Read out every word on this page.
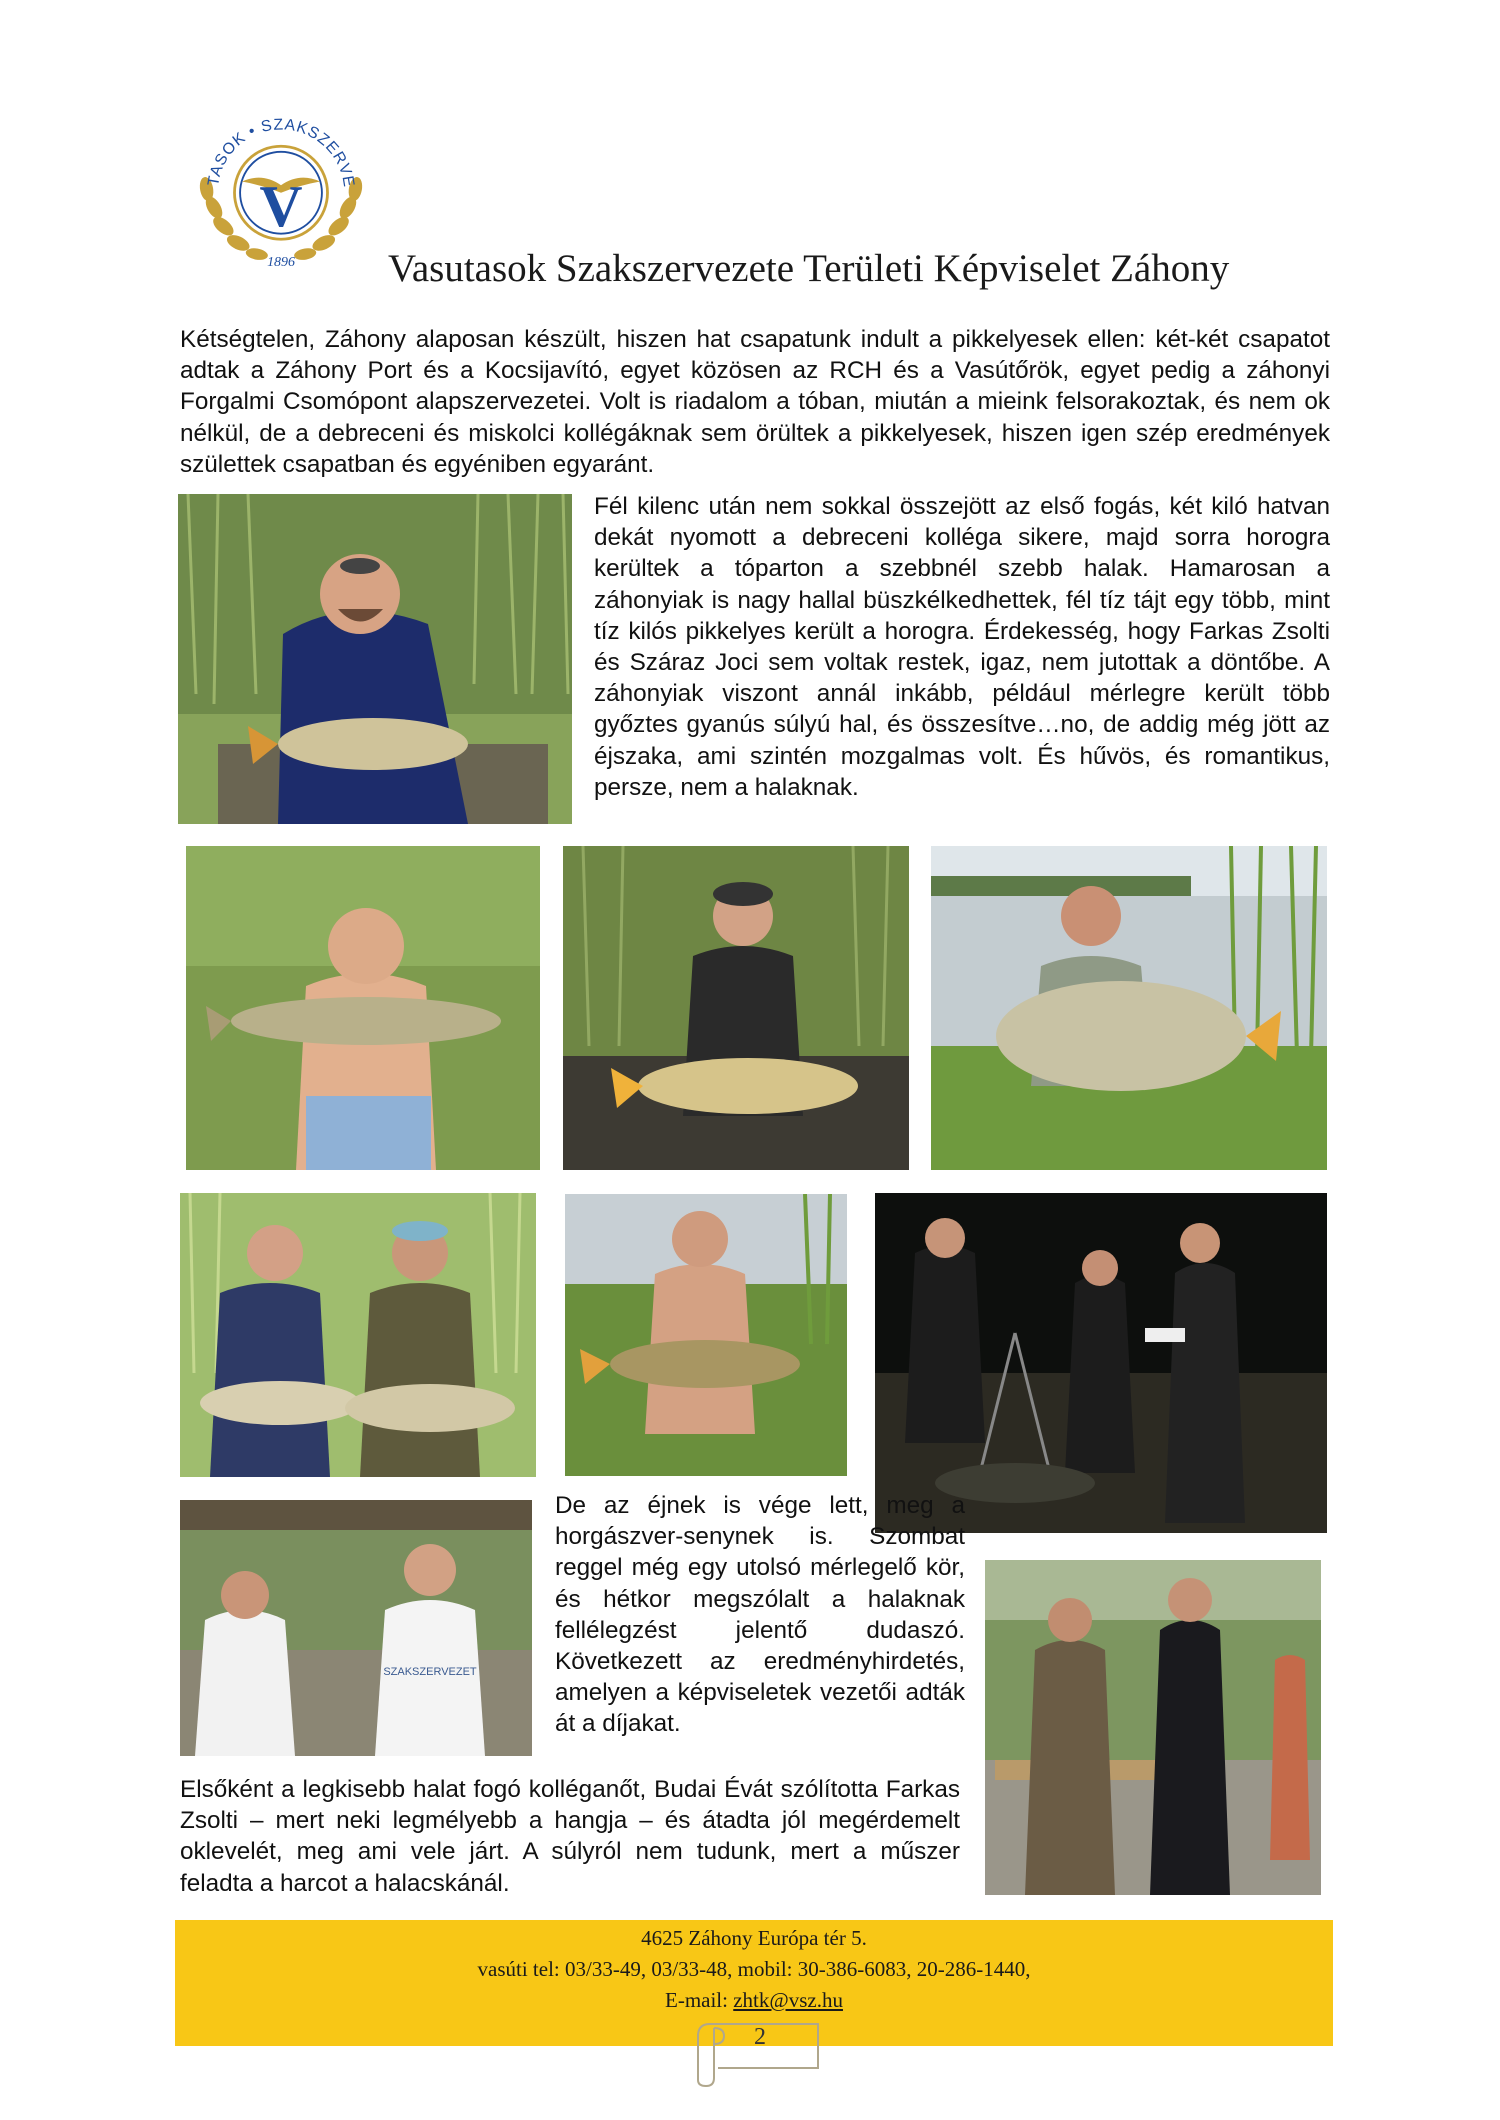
TASOK • SZAKSZERVE
V
1896 Vasutasok Szakszervezete Területi Képviselet Záhony
Kétségtelen, Záhony alaposan készült, hiszen hat csapatunk indult a pikkelyesek ellen: két-két csapatot adtak a Záhony Port és a Kocsijavító, egyet közösen az RCH és a Vasútőrök, egyet pedig a záhonyi Forgalmi Csomópont alapszervezetei. Volt is riadalom a tóban, miután a mieink felsorakoztak, és nem ok nélkül, de a debreceni és miskolci kollégáknak sem örültek a pikkelyesek, hiszen igen szép eredmények születtek csapatban és egyéniben egyaránt.
Fél kilenc után nem sokkal összejött az első fogás, két kiló hatvan dekát nyomott a debreceni kolléga sikere, majd sorra horogra kerültek a tóparton a szebbnél szebb halak. Hamarosan a záhonyiak is nagy hallal büszkélkedhettek, fél tíz tájt egy több, mint tíz kilós pikkelyes került a horogra. Érdekesség, hogy Farkas Zsolti és Száraz Joci sem voltak restek, igaz, nem jutottak a döntőbe. A záhonyiak viszont annál inkább, például mérlegre került több győztes gyanús súlyú hal, és összesítve…no, de addig még jött az éjszaka, ami szintén mozgalmas volt. És hűvös, és romantikus, persze, nem a halaknak.
SZAKSZERVEZET
De az éjnek is vége lett, meg a horgászver-senynek is. Szombat reggel még egy utolsó mérlegelő kör, és hétkor megszólalt a halaknak fellélegzést jelentő dudaszó. Következett az eredményhirdetés, amelyen a képviseletek vezetői adták át a díjakat.
Elsőként a legkisebb halat fogó kolléganőt, Budai Évát szólította Farkas Zsolti – mert neki legmélyebb a hangja – és átadta jól megérdemelt oklevelét, meg ami vele járt. A súlyról nem tudunk, mert a műszer feladta a harcot a halacskánál.
4625 Záhony Európa tér 5.
vasúti tel: 03/33-49, 03/33-48, mobil: 30-386-6083, 20-286-1440,
E-mail: zhtk@vsz.hu
2
